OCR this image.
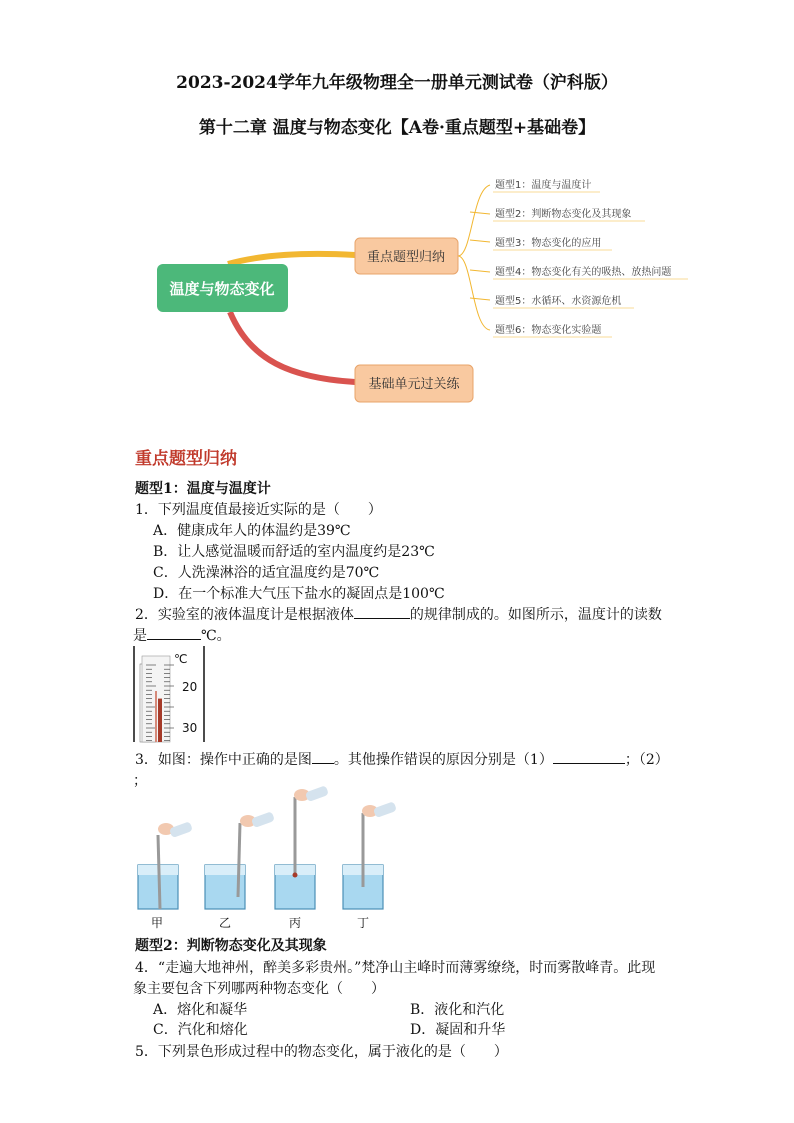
2023-2024学年九年级物理全一册单元测试卷（沪科版）
第十二章 温度与物态变化【A卷·重点题型+基础卷】
温度与物态变化
重点题型归纳
基础单元过关练
题型1：温度与温度计
题型2：判断物态变化及其现象
题型3：物态变化的应用
题型4：物态变化有关的吸热、放热问题
题型5：水循环、水资源危机
题型6：物态变化实验题
重点题型归纳
题型1：温度与温度计
1．下列温度值最接近实际的是（　　）
A．健康成年人的体温约是39℃
B．让人感觉温暖而舒适的室内温度约是23℃
C．人洗澡淋浴的适宜温度约是70℃
D．在一个标准大气压下盐水的凝固点是100℃
2．实验室的液体温度计是根据液体	的规律制成的。如图所示，温度计的读数
是	℃。
℃
20
30
3．如图：操作中正确的是图 。其他操作错误的原因分别是（1）	；（2）
；
甲	乙	丙	丁
题型2：判断物态变化及其现象
4．“走遍大地神州，醉美多彩贵州。”梵净山主峰时而薄雾缭绕，时而雾散峰青。此现
象主要包含下列哪两种物态变化（　　）
A．熔化和凝华	B．液化和汽化
C．汽化和熔化	D．凝固和升华
5．下列景色形成过程中的物态变化，属于液化的是（　　）
